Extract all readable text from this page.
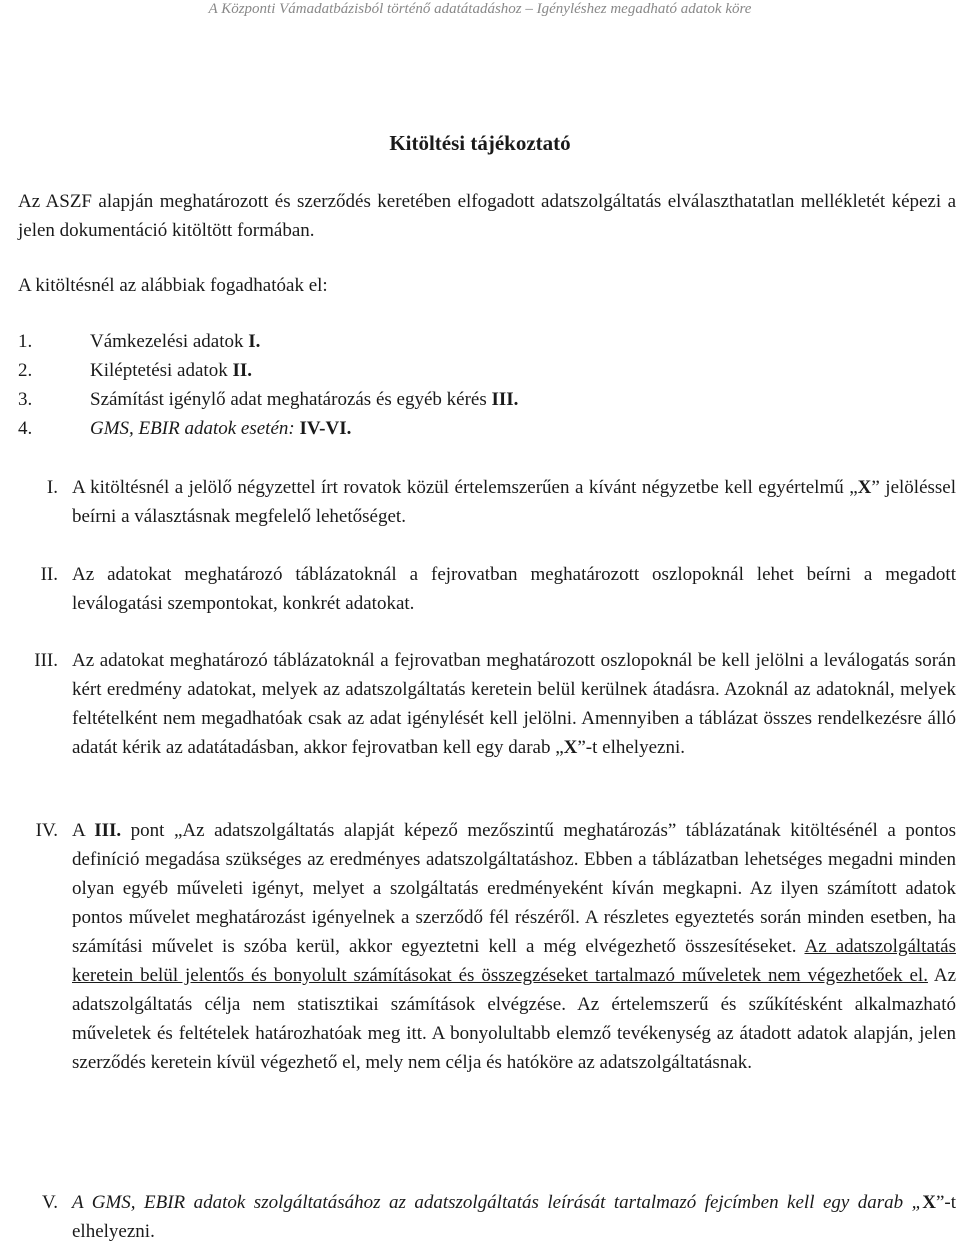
A Központi Vámadatbázisból történő adatátadáshoz – Igényléshez megadható adatok köre
Kitöltési tájékoztató
Az ASZF alapján meghatározott és szerződés keretében elfogadott adatszolgáltatás elválaszthatatlan mellékletét képezi a jelen dokumentáció kitöltött formában.
A kitöltésnél az alábbiak fogadhatóak el:
1.	Vámkezelési adatok I.
2.	Kiléptetési adatok II.
3.	Számítást igénylő adat meghatározás és egyéb kérés III.
4.	GMS, EBIR adatok esetén: IV-VI.
I. A kitöltésnél a jelölő négyzettel írt rovatok közül értelemszerűen a kívánt négyzetbe kell egyértelmű „X” jelöléssel beírni a választásnak megfelelő lehetőséget.
II. Az adatokat meghatározó táblázatoknál a fejrovatban meghatározott oszlopoknál lehet beírni a megadott leválogatási szempontokat, konkrét adatokat.
III. Az adatokat meghatározó táblázatoknál a fejrovatban meghatározott oszlopoknál be kell jelölni a leválogatás során kért eredmény adatokat, melyek az adatszolgáltatás keretein belül kerülnek átadásra. Azoknál az adatoknál, melyek feltételként nem megadhatóak csak az adat igénylését kell jelölni. Amennyiben a táblázat összes rendelkezésre álló adatát kérik az adatátadásban, akkor fejrovatban kell egy darab „X”-t elhelyezni.
IV. A III. pont „Az adatszolgáltatás alapját képező mezőszintű meghatározás” táblázatának kitöltésénél a pontos definíció megadása szükséges az eredményes adatszolgáltatáshoz. Ebben a táblázatban lehetséges megadni minden olyan egyéb műveleti igényt, melyet a szolgáltatás eredményeként kíván megkapni. Az ilyen számított adatok pontos művelet meghatározást igényelnek a szerződő fél részéről. A részletes egyeztetés során minden esetben, ha számítási művelet is szóba kerül, akkor egyeztetni kell a még elvégezhető összesítéseket. Az adatszolgáltatás keretein belül jelentős és bonyolult számításokat és összegzéseket tartalmazó műveletek nem végezhetőek el. Az adatszolgáltatás célja nem statisztikai számítások elvégzése. Az értelemszerű és szűkítésként alkalmazható műveletek és feltételek határozhatóak meg itt. A bonyolultabb elemző tevékenység az átadott adatok alapján, jelen szerződés keretein kívül végezhető el, mely nem célja és hatóköre az adatszolgáltatásnak.
V. A GMS, EBIR adatok szolgáltatásához az adatszolgáltatás leírását tartalmazó fejcímben kell egy darab „X”-t elhelyezni.
